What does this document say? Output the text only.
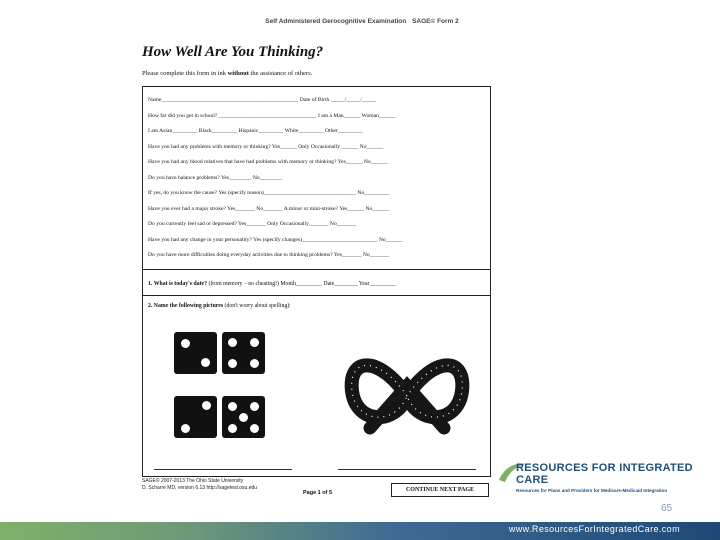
Self Administered Gerocognitive Examination SAGE© Form 2
How Well Are You Thinking?
Please complete this form in ink without the assistance of others.
Name_________________________________________________ Date of Birth _____/_____/_____
How far did you get in school? ___________________________________ I am a Man______ Woman______
I am Asian_________ Black_________ Hispanic_________ White_________ Other_________
Have you had any problems with memory or thinking? Yes______ Only Occasionally ______ No______
Have you had any blood relatives that have had problems with memory or thinking? Yes______ No______
Do you have balance problems? Yes________ No________
If yes, do you know the cause? Yes (specify reason)_________________________________ No_________
Have you ever had a major stroke? Yes_______ No_______ A minor or mini-stroke? Yes______ No______
Do you currently feel sad or depressed? Yes_______ Only Occasionally_______ No_______
Have you had any change in your personality? Yes (specify changes)___________________________ No______
Do you have more difficulties doing everyday activities due to thinking problems? Yes_______ No_______
1. What is today's date? (from memory – no cheating!) Month_________ Date________ Year_________
2. Name the following pictures (don't worry about spelling):
SAGE© 2007-2013 The Ohio State University
D. Scharre MD, version 6.13 http://sagetest.osu.edu
Page 1 of 5	CONTINUE NEXT PAGE
RESOURCES FOR INTEGRATED CARE
Resources for Plans and Providers for Medicare-Medicaid Integration
65
www.ResourcesForIntegratedCare.com
